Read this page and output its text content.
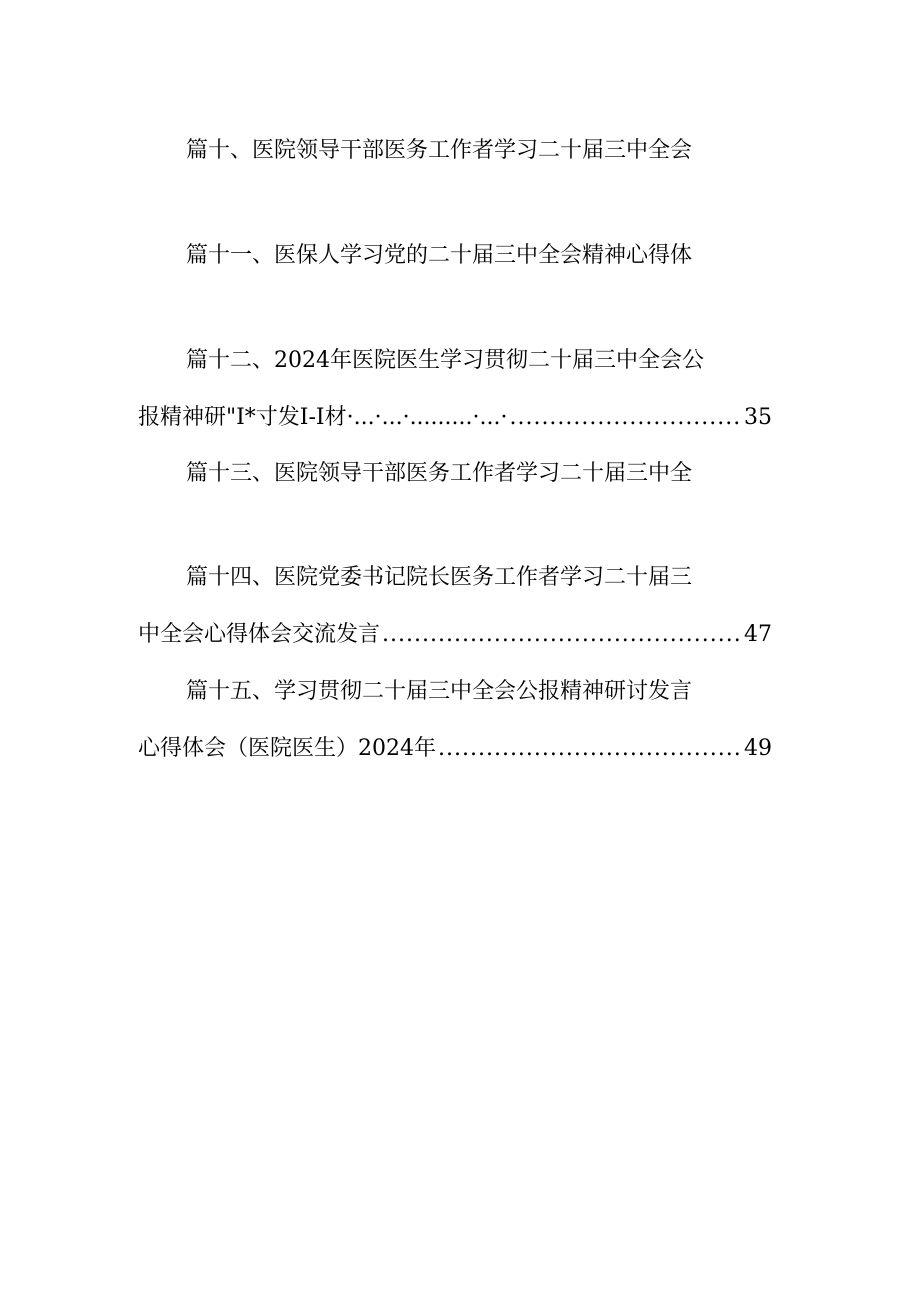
篇十、医院领导干部医务工作者学习二十届三中全会
篇十一、医保人学习党的二十届三中全会精神心得体
篇十二、2024年医院医生学习贯彻二十届三中全会公
报精神研"I*寸发I-I材·...·...·.........·...· .....	35
篇十三、医院领导干部医务工作者学习二十届三中全
篇十四、医院党委书记院长医务工作者学习二十届三
中全会心得体会交流发言 .....	47
篇十五、学习贯彻二十届三中全会公报精神研讨发言
心得体会（医院医生）2024年 .....	49
